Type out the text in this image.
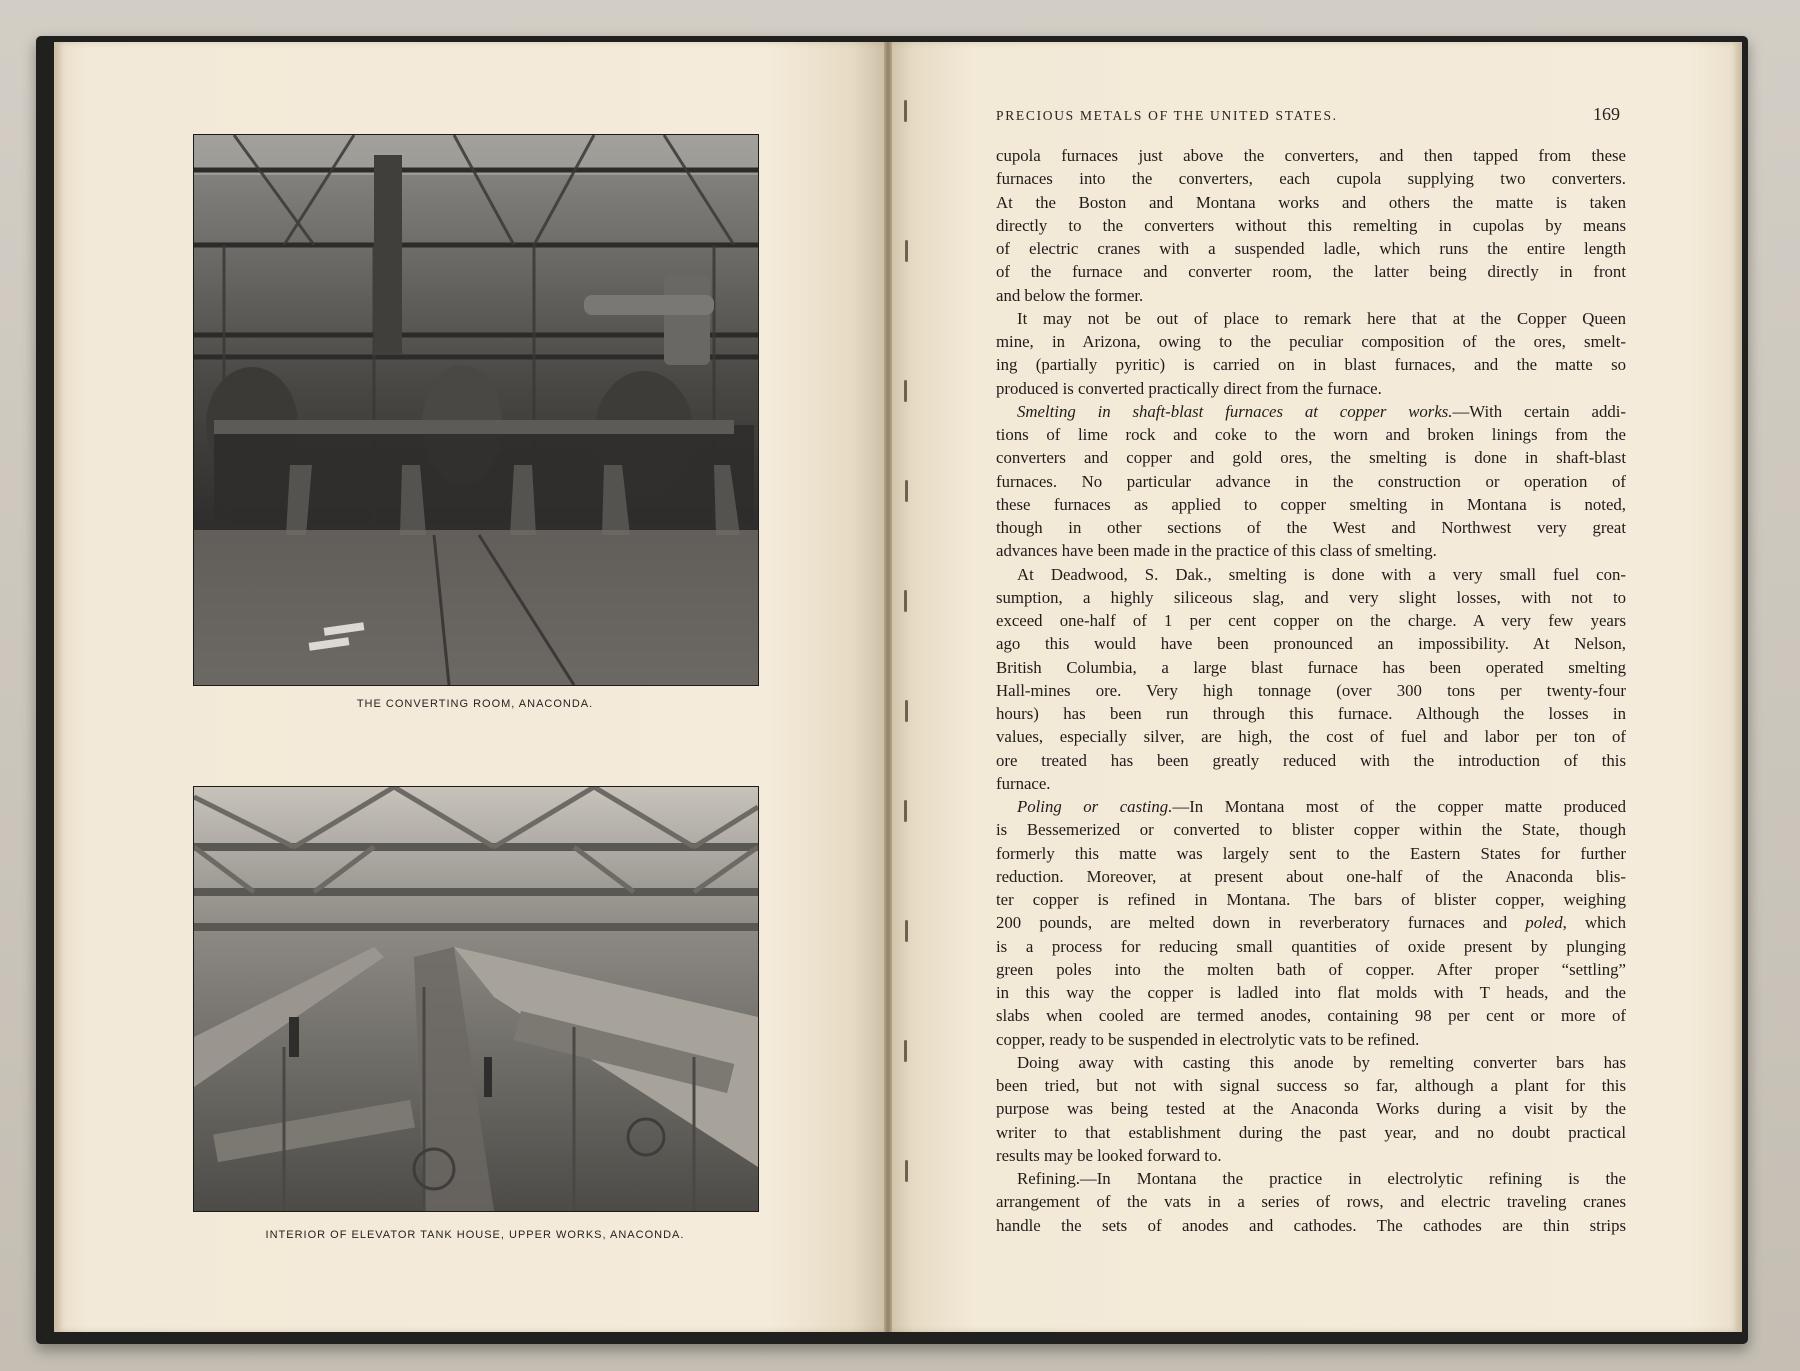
THE CONVERTING ROOM, ANACONDA.
INTERIOR OF ELEVATOR TANK HOUSE, UPPER WORKS, ANACONDA.
PRECIOUS METALS OF THE UNITED STATES.	169
cupola furnaces just above the converters, and then tapped from these
furnaces into the converters, each cupola supplying two converters.
At the Boston and Montana works and others the matte is taken
directly to the converters without this remelting in cupolas by means
of electric cranes with a suspended ladle, which runs the entire length
of the furnace and converter room, the latter being directly in front
and below the former.
It may not be out of place to remark here that at the Copper Queen
mine, in Arizona, owing to the peculiar composition of the ores, smelt-
ing (partially pyritic) is carried on in blast furnaces, and the matte so
produced is converted practically direct from the furnace.
Smelting in shaft-blast furnaces at copper works.—With certain addi-
tions of lime rock and coke to the worn and broken linings from the
converters and copper and gold ores, the smelting is done in shaft-blast
furnaces. No particular advance in the construction or operation of
these furnaces as applied to copper smelting in Montana is noted,
though in other sections of the West and Northwest very great
advances have been made in the practice of this class of smelting.
At Deadwood, S. Dak., smelting is done with a very small fuel con-
sumption, a highly siliceous slag, and very slight losses, with not to
exceed one-half of 1 per cent copper on the charge. A very few years
ago this would have been pronounced an impossibility. At Nelson,
British Columbia, a large blast furnace has been operated smelting
Hall-mines ore. Very high tonnage (over 300 tons per twenty-four
hours) has been run through this furnace. Although the losses in
values, especially silver, are high, the cost of fuel and labor per ton of
ore treated has been greatly reduced with the introduction of this
furnace.
Poling or casting.—In Montana most of the copper matte produced
is Bessemerized or converted to blister copper within the State, though
formerly this matte was largely sent to the Eastern States for further
reduction. Moreover, at present about one-half of the Anaconda blis-
ter copper is refined in Montana. The bars of blister copper, weighing
200 pounds, are melted down in reverberatory furnaces and poled, which
is a process for reducing small quantities of oxide present by plunging
green poles into the molten bath of copper. After proper “settling”
in this way the copper is ladled into flat molds with T heads, and the
slabs when cooled are termed anodes, containing 98 per cent or more of
copper, ready to be suspended in electrolytic vats to be refined.
Doing away with casting this anode by remelting converter bars has
been tried, but not with signal success so far, although a plant for this
purpose was being tested at the Anaconda Works during a visit by the
writer to that establishment during the past year, and no doubt practical
results may be looked forward to.
Refining.—In Montana the practice in electrolytic refining is the
arrangement of the vats in a series of rows, and electric traveling cranes
handle the sets of anodes and cathodes. The cathodes are thin strips
